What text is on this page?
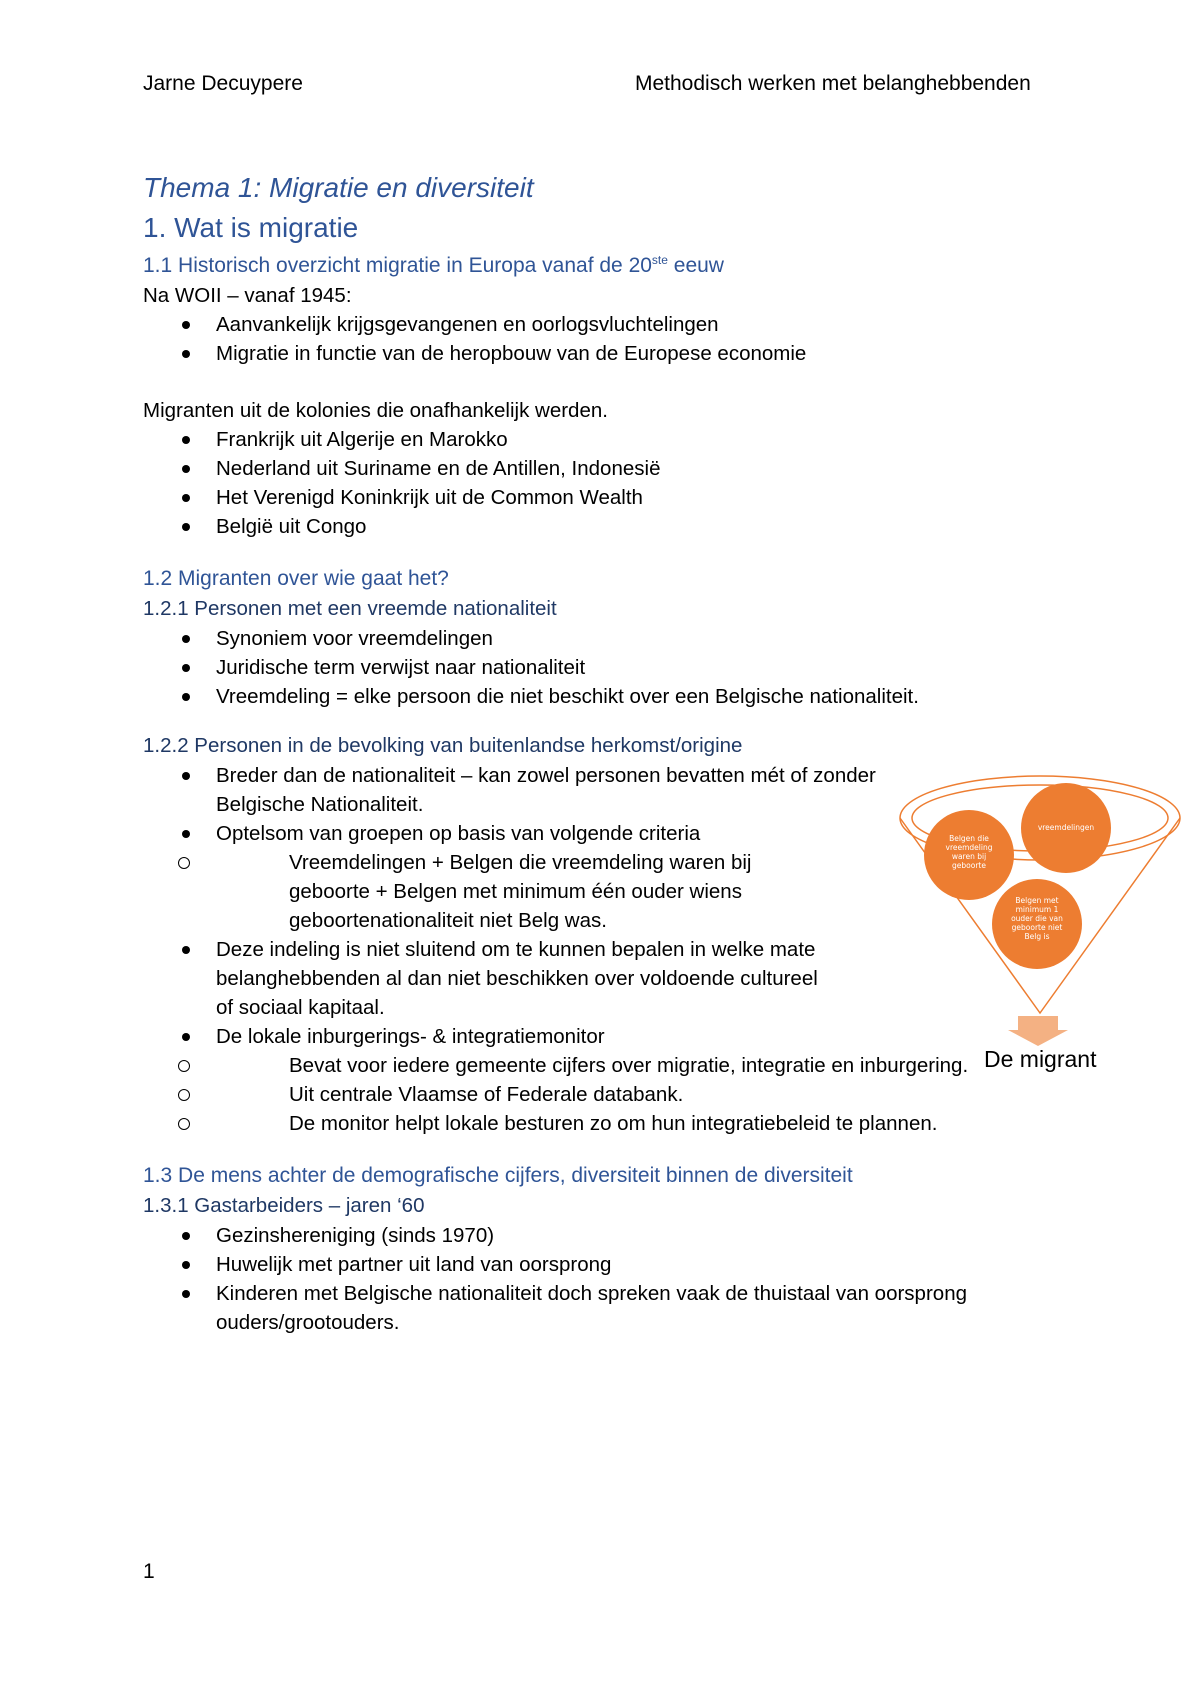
Jarne Decuypere	Methodisch werken met belanghebbenden
Thema 1: Migratie en diversiteit
1. Wat is migratie
1.1 Historisch overzicht migratie in Europa vanaf de 20ste eeuw
Na WOII – vanaf 1945:
Aanvankelijk krijgsgevangenen en oorlogsvluchtelingen
Migratie in functie van de heropbouw van de Europese economie
Migranten uit de kolonies die onafhankelijk werden.
Frankrijk uit Algerije en Marokko
Nederland uit Suriname en de Antillen, Indonesië
Het Verenigd Koninkrijk uit de Common Wealth
België uit Congo
1.2 Migranten over wie gaat het?
1.2.1 Personen met een vreemde nationaliteit
Synoniem voor vreemdelingen
Juridische term verwijst naar nationaliteit
Vreemdeling = elke persoon die niet beschikt over een Belgische nationaliteit.
1.2.2 Personen in de bevolking van buitenlandse herkomst/origine
Breder dan de nationaliteit – kan zowel personen bevatten mét of zonder Belgische Nationaliteit.
Optelsom van groepen op basis van volgende criteria
Vreemdelingen + Belgen die vreemdeling waren bij geboorte + Belgen met minimum één ouder wiens geboortenationaliteit niet Belg was.
Deze indeling is niet sluitend om te kunnen bepalen in welke mate belanghebbenden al dan niet beschikken over voldoende cultureel of sociaal kapitaal.
De lokale inburgerings- & integratiemonitor
Bevat voor iedere gemeente cijfers over migratie, integratie en inburgering.
Uit centrale Vlaamse of Federale databank.
De monitor helpt lokale besturen zo om hun integratiebeleid te plannen.
1.3 De mens achter de demografische cijfers, diversiteit binnen de diversiteit
1.3.1 Gastarbeiders – jaren ‘60
Gezinshereniging (sinds 1970)
Huwelijk met partner uit land van oorsprong
Kinderen met Belgische nationaliteit doch spreken vaak de thuistaal van oorsprong ouders/grootouders.
Belgen die vreemdeling waren bij geboorte
vreemdelingen
Belgen met minimum 1 ouder die van geboorte niet Belg is
De migrant
1
